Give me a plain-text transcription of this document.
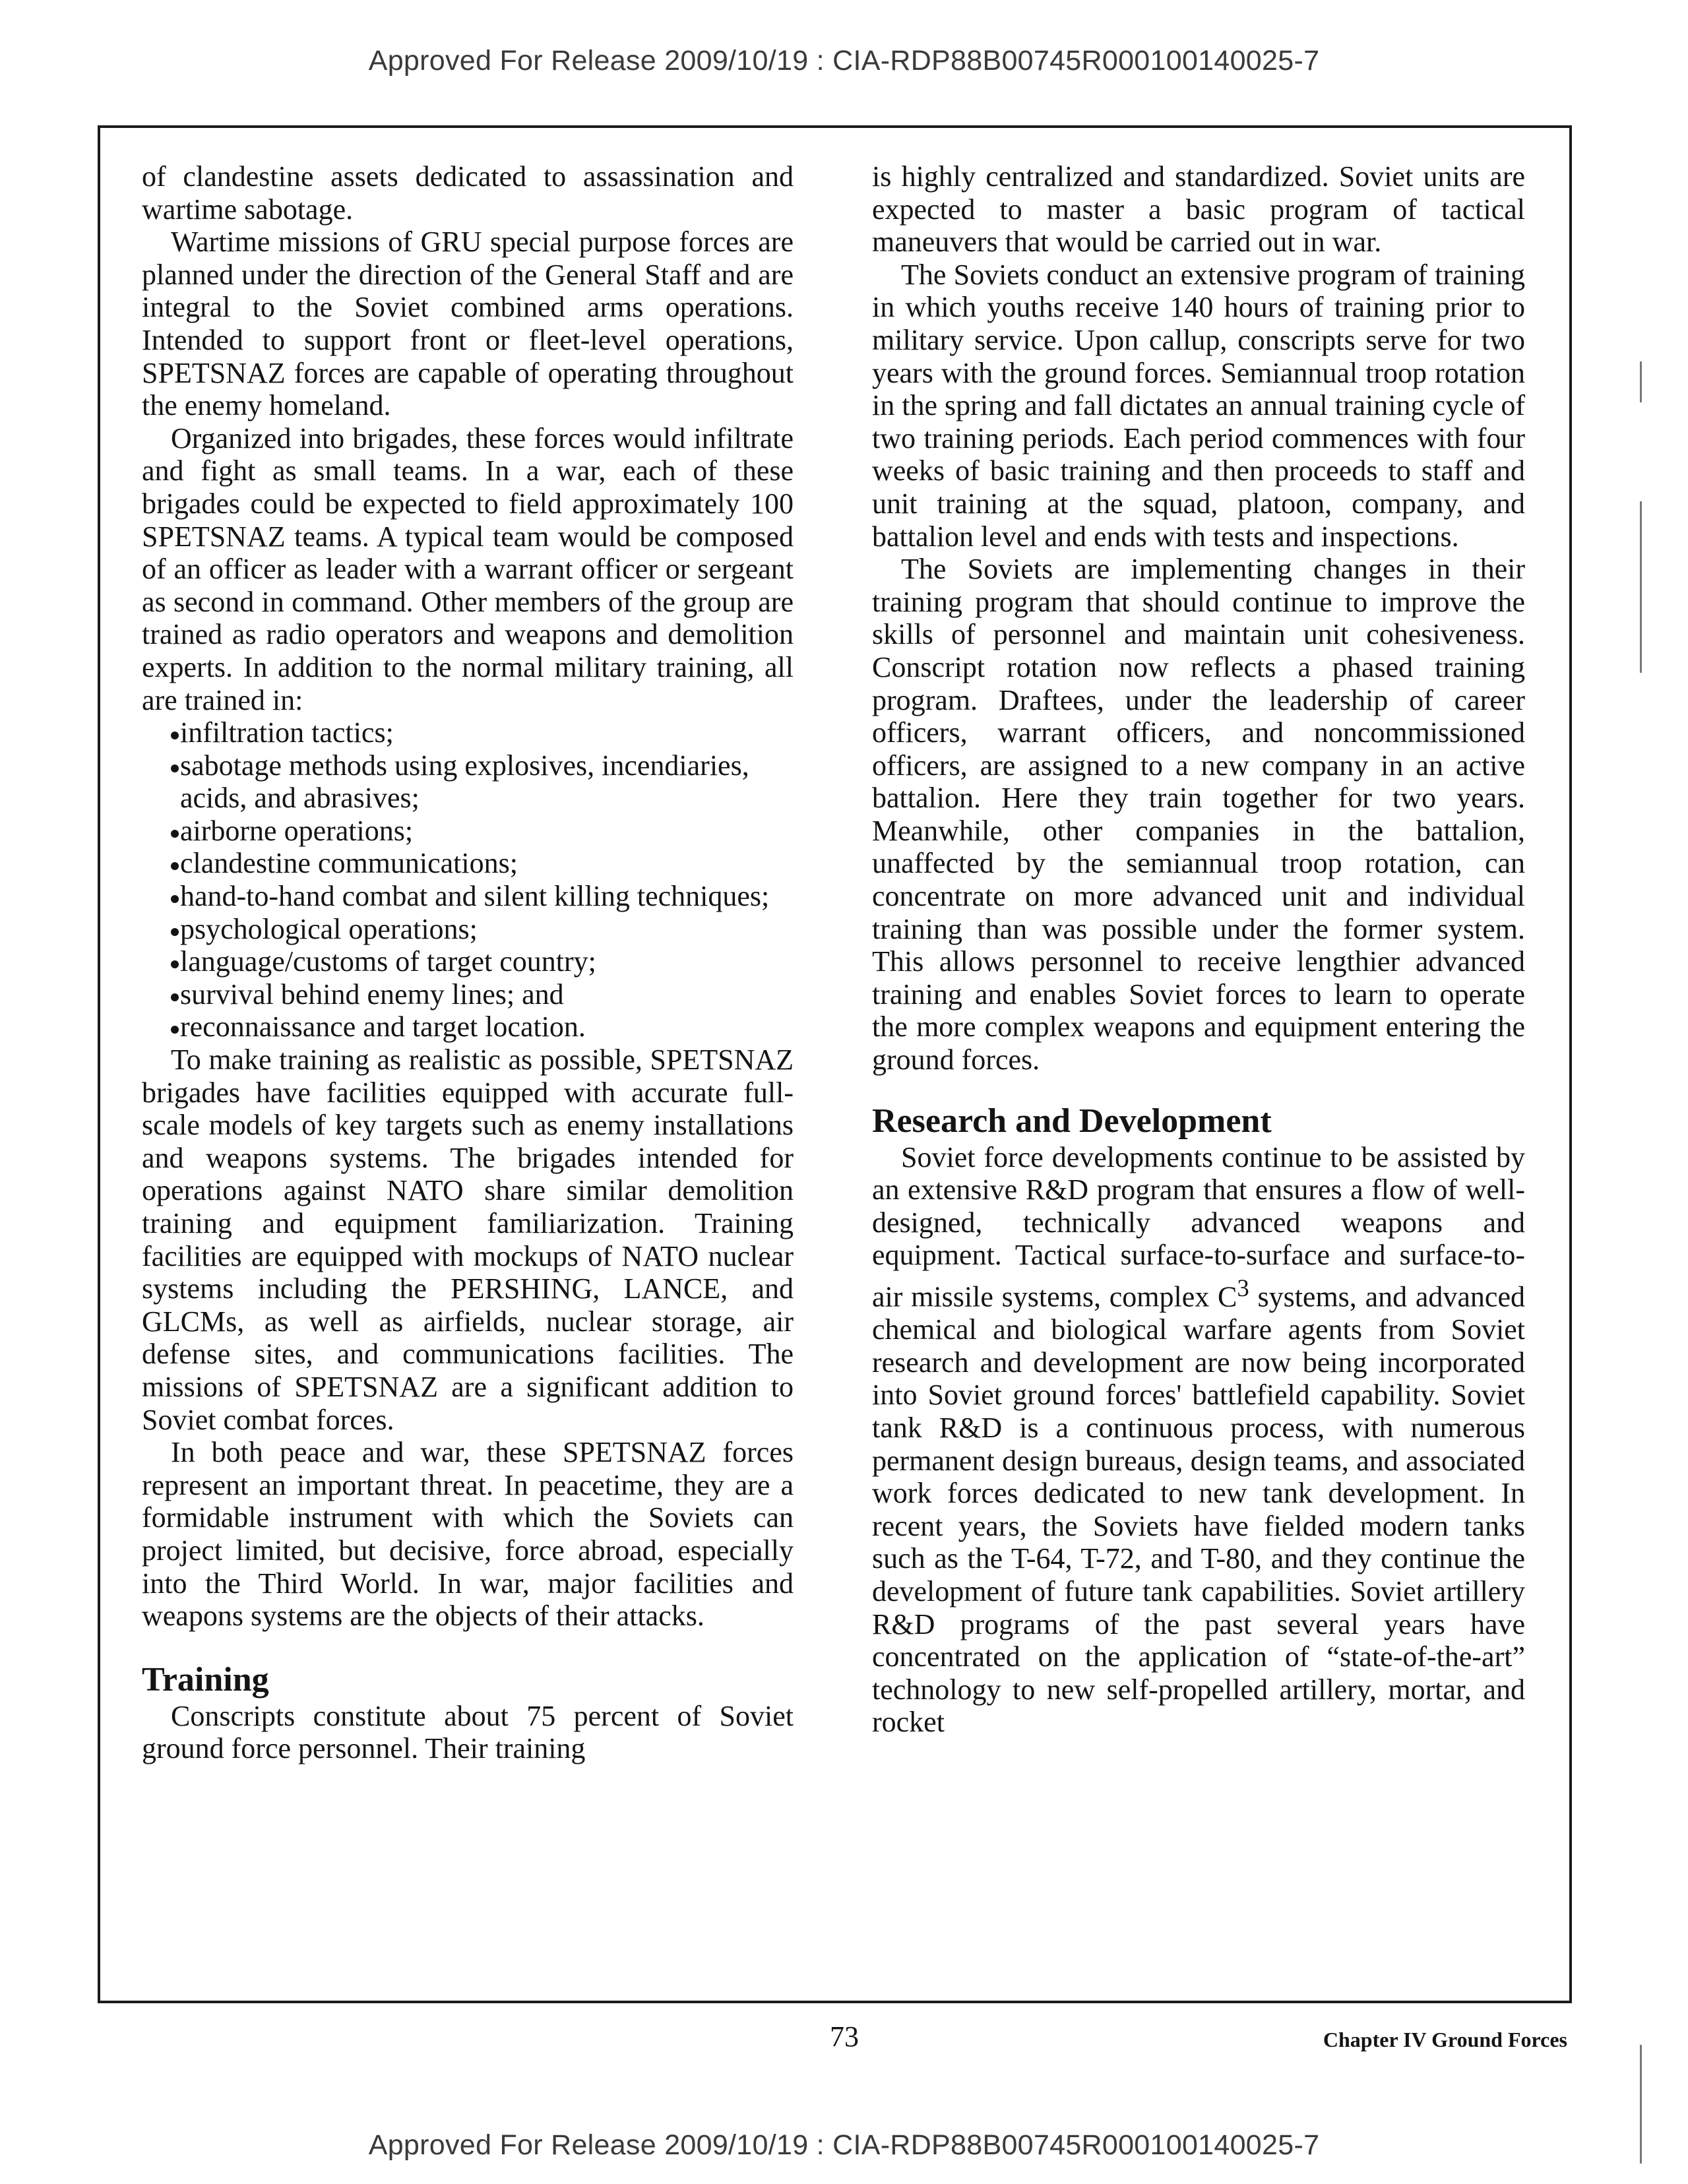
Approved For Release 2009/10/19 : CIA-RDP88B00745R000100140025-7

of clandestine assets dedicated to assassination and wartime sabotage.

Wartime missions of GRU special purpose forces are planned under the direction of the General Staff and are integral to the Soviet combined arms operations. Intended to support front or fleet-level operations, SPETSNAZ forces are capable of operating throughout the enemy homeland.

Organized into brigades, these forces would infiltrate and fight as small teams. In a war, each of these brigades could be expected to field approximately 100 SPETSNAZ teams. A typical team would be composed of an officer as leader with a warrant officer or sergeant as second in command. Other members of the group are trained as radio operators and weapons and demolition experts. In addition to the normal military training, all are trained in:

infiltration tactics;
sabotage methods using explosives, incendiaries, acids, and abrasives;
airborne operations;
clandestine communications;
hand-to-hand combat and silent killing techniques;
psychological operations;
language/customs of target country;
survival behind enemy lines; and
reconnaissance and target location.

To make training as realistic as possible, SPETSNAZ brigades have facilities equipped with accurate full-scale models of key targets such as enemy installations and weapons systems. The brigades intended for operations against NATO share similar demolition training and equipment familiarization. Training facilities are equipped with mockups of NATO nuclear systems including the PERSHING, LANCE, and GLCMs, as well as airfields, nuclear storage, air defense sites, and communications facilities. The missions of SPETSNAZ are a significant addition to Soviet combat forces.

In both peace and war, these SPETSNAZ forces represent an important threat. In peacetime, they are a formidable instrument with which the Soviets can project limited, but decisive, force abroad, especially into the Third World. In war, major facilities and weapons systems are the objects of their attacks.

Training

Conscripts constitute about 75 percent of Soviet ground force personnel. Their training

is highly centralized and standardized. Soviet units are expected to master a basic program of tactical maneuvers that would be carried out in war.

The Soviets conduct an extensive program of training in which youths receive 140 hours of training prior to military service. Upon callup, conscripts serve for two years with the ground forces. Semiannual troop rotation in the spring and fall dictates an annual training cycle of two training periods. Each period commences with four weeks of basic training and then proceeds to staff and unit training at the squad, platoon, company, and battalion level and ends with tests and inspections.

The Soviets are implementing changes in their training program that should continue to improve the skills of personnel and maintain unit cohesiveness. Conscript rotation now reflects a phased training program. Draftees, under the leadership of career officers, warrant officers, and noncommissioned officers, are assigned to a new company in an active battalion. Here they train together for two years. Meanwhile, other companies in the battalion, unaffected by the semiannual troop rotation, can concentrate on more advanced unit and individual training than was possible under the former system. This allows personnel to receive lengthier advanced training and enables Soviet forces to learn to operate the more complex weapons and equipment entering the ground forces.

Research and Development

Soviet force developments continue to be assisted by an extensive R&D program that ensures a flow of well-designed, technically advanced weapons and equipment. Tactical surface-to-surface and surface-to-air missile systems, complex $C^3$ systems, and advanced chemical and biological warfare agents from Soviet research and development are now being incorporated into Soviet ground forces' battlefield capability. Soviet tank R&D is a continuous process, with numerous permanent design bureaus, design teams, and associated work forces dedicated to new tank development. In recent years, the Soviets have fielded modern tanks such as the T-64, T-72, and T-80, and they continue the development of future tank capabilities. Soviet artillery R&D programs of the past several years have concentrated on the application of “state-of-the-art” technology to new self-propelled artillery, mortar, and rocket

73	Chapter IV Ground Forces
Approved For Release 2009/10/19 : CIA-RDP88B00745R000100140025-7
